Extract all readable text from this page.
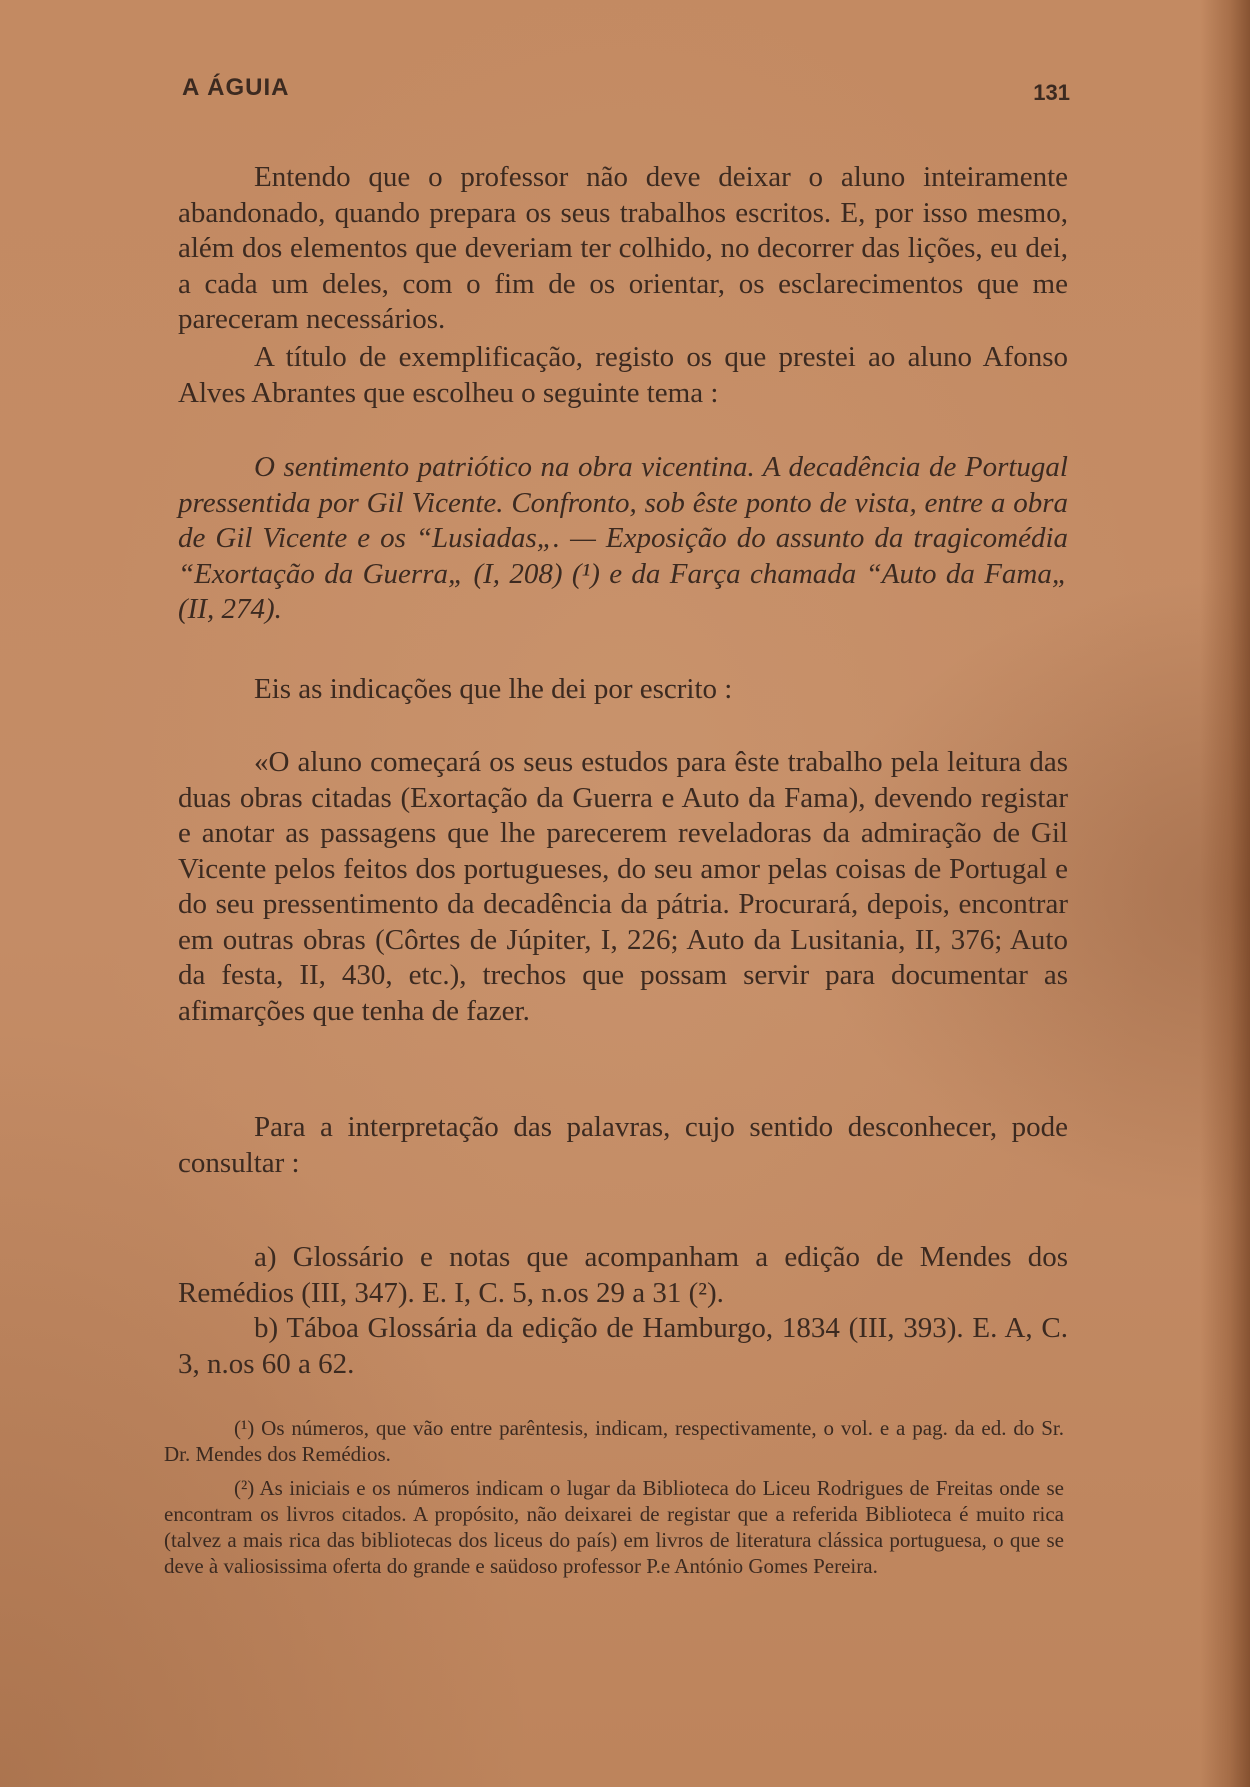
A ÁGUIA	131

Entendo que o professor não deve deixar o aluno inteiramente abandonado, quando prepara os seus trabalhos escritos. E, por isso mesmo, além dos elementos que deveriam ter colhido, no decorrer das lições, eu dei, a cada um deles, com o fim de os orientar, os esclarecimentos que me pareceram necessários.

A título de exemplificação, registo os que prestei ao aluno Afonso Alves Abrantes que escolheu o seguinte tema :

O sentimento patriótico na obra vicentina. A decadência de Portugal pressentida por Gil Vicente. Confronto, sob êste ponto de vista, entre a obra de Gil Vicente e os “Lusiadas„. — Exposição do assunto da tragicomédia “Exortação da Guerra„ (I, 208) (¹) e da Farça chamada “Auto da Fama„ (II, 274).

Eis as indicações que lhe dei por escrito :

«O aluno começará os seus estudos para êste trabalho pela leitura das duas obras citadas (Exortação da Guerra e Auto da Fama), devendo registar e anotar as passagens que lhe parecerem reveladoras da admiração de Gil Vicente pelos feitos dos portugueses, do seu amor pelas coisas de Portugal e do seu pressentimento da decadência da pátria. Procurará, depois, encontrar em outras obras (Côrtes de Júpiter, I, 226; Auto da Lusitania, II, 376; Auto da festa, II, 430, etc.), trechos que possam servir para documentar as afimarções que tenha de fazer.

Para a interpretação das palavras, cujo sentido desconhecer, pode consultar :

a) Glossário e notas que acompanham a edição de Mendes dos Remédios (III, 347). E. I, C. 5, n.os 29 a 31 (²).

b) Táboa Glossária da edição de Hamburgo, 1834 (III, 393). E. A, C. 3, n.os 60 a 62.

(¹) Os números, que vão entre parêntesis, indicam, respectivamente, o vol. e a pag. da ed. do Sr. Dr. Mendes dos Remédios.

(²) As iniciais e os números indicam o lugar da Biblioteca do Liceu Rodrigues de Freitas onde se encontram os livros citados. A propósito, não deixarei de registar que a referida Biblioteca é muito rica (talvez a mais rica das bibliotecas dos liceus do país) em livros de literatura clássica portuguesa, o que se deve à valiosissima oferta do grande e saüdoso professor P.e António Gomes Pereira.
